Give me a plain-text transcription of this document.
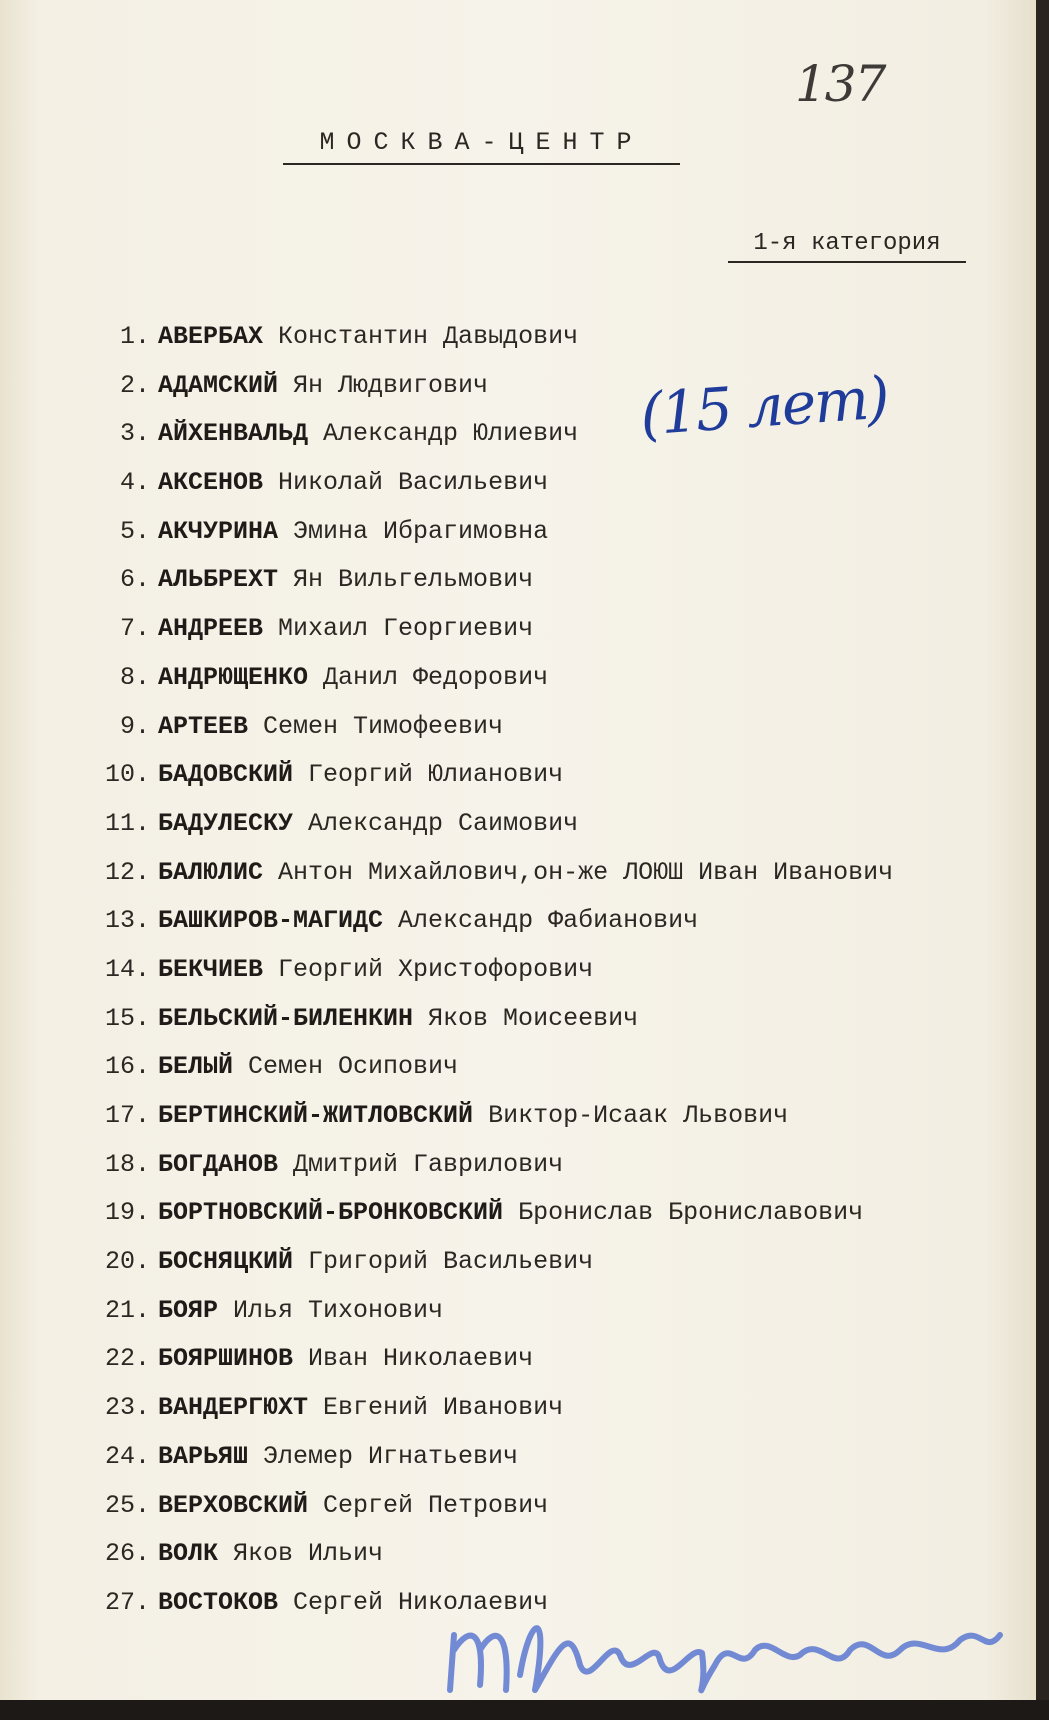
137
МОСКВА-ЦЕНТР
1-я категория
1. АВЕРБАХ Константин Давыдович
2. АДАМСКИЙ Ян Людвигович
3. АЙХЕНВАЛЬД Александр Юлиевич
4. АКСЕНОВ Николай Васильевич
5. АКЧУРИНА Эмина Ибрагимовна
6. АЛЬБРЕХТ Ян Вильгельмович
7. АНДРЕЕВ Михаил Георгиевич
8. АНДРЮЩЕНКО Данил Федорович
9. АРТЕЕВ Семен Тимофеевич
10. БАДОВСКИЙ Георгий Юлианович
11. БАДУЛЕСКУ Александр Саимович
12. БАЛЮЛИС Антон Михайлович,он-же ЛОЮШ Иван Иванович
13. БАШКИРОВ-МАГИДС Александр Фабианович
14. БЕКЧИЕВ Георгий Христофорович
15. БЕЛЬСКИЙ-БИЛЕНКИН Яков Моисеевич
16. БЕЛЫЙ Семен Осипович
17. БЕРТИНСКИЙ-ЖИТЛОВСКИЙ Виктор-Исаак Львович
18. БОГДАНОВ Дмитрий Гаврилович
19. БОРТНОВСКИЙ-БРОНКОВСКИЙ Бронислав Брониславович
20. БОСНЯЦКИЙ Григорий Васильевич
21. БОЯР Илья Тихонович
22. БОЯРШИНОВ Иван Николаевич
23. ВАНДЕРГЮХТ Евгений Иванович
24. ВАРЬЯШ Элемер Игнатьевич
25. ВЕРХОВСКИЙ Сергей Петрович
26. ВОЛК Яков Ильич
27. ВОСТОКОВ Сергей Николаевич
(15 лет)
